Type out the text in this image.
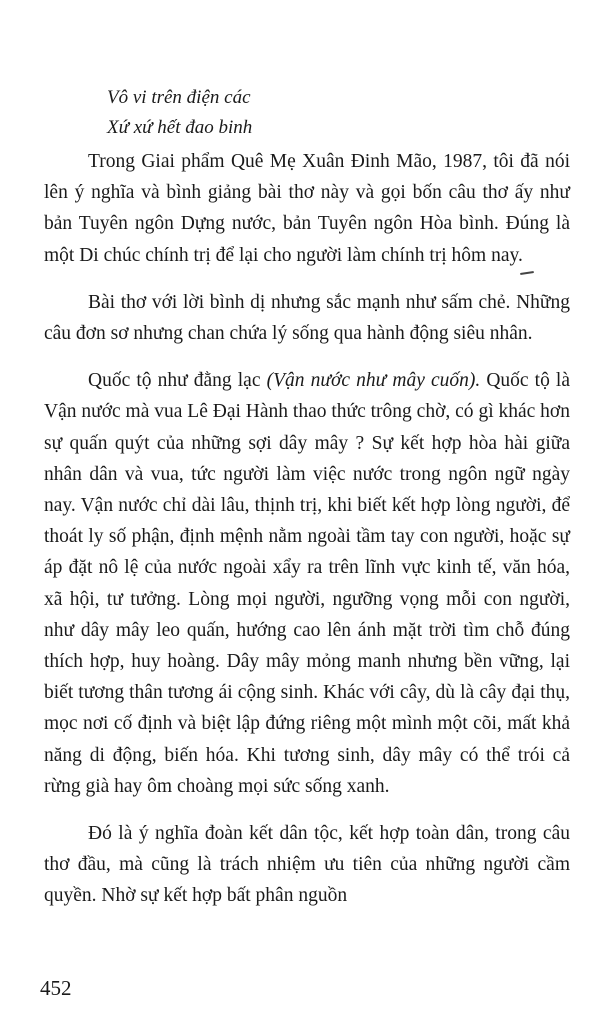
Vô vi trên điện các
Xứ xứ hết đao binh

Trong Giai phẩm Quê Mẹ Xuân Đinh Mão, 1987, tôi đã nói lên ý nghĩa và bình giảng bài thơ này và gọi bốn câu thơ ấy như bản Tuyên ngôn Dựng nước, bản Tuyên ngôn Hòa bình. Đúng là một Di chúc chính trị để lại cho người làm chính trị hôm nay.

Bài thơ với lời bình dị nhưng sắc mạnh như sấm chẻ. Những câu đơn sơ nhưng chan chứa lý sống qua hành động siêu nhân.

Quốc tộ như đằng lạc (Vận nước như mây cuốn). Quốc tộ là Vận nước mà vua Lê Đại Hành thao thức trông chờ, có gì khác hơn sự quấn quýt của những sợi dây mây ? Sự kết hợp hòa hài giữa nhân dân và vua, tức người làm việc nước trong ngôn ngữ ngày nay. Vận nước chỉ dài lâu, thịnh trị, khi biết kết hợp lòng người, để thoát ly số phận, định mệnh nằm ngoài tầm tay con người, hoặc sự áp đặt nô lệ của nước ngoài xẩy ra trên lĩnh vực kinh tế, văn hóa, xã hội, tư tưởng. Lòng mọi người, ngưỡng vọng mỗi con người, như dây mây leo quấn, hướng cao lên ánh mặt trời tìm chỗ đúng thích hợp, huy hoàng. Dây mây mỏng manh nhưng bền vững, lại biết tương thân tương ái cộng sinh. Khác với cây, dù là cây đại thụ, mọc nơi cố định và biệt lập đứng riêng một mình một cõi, mất khả năng di động, biến hóa. Khi tương sinh, dây mây có thể trói cả rừng già hay ôm choàng mọi sức sống xanh.

Đó là ý nghĩa đoàn kết dân tộc, kết hợp toàn dân, trong câu thơ đầu, mà cũng là trách nhiệm ưu tiên của những người cầm quyền. Nhờ sự kết hợp bất phân nguồn

452
